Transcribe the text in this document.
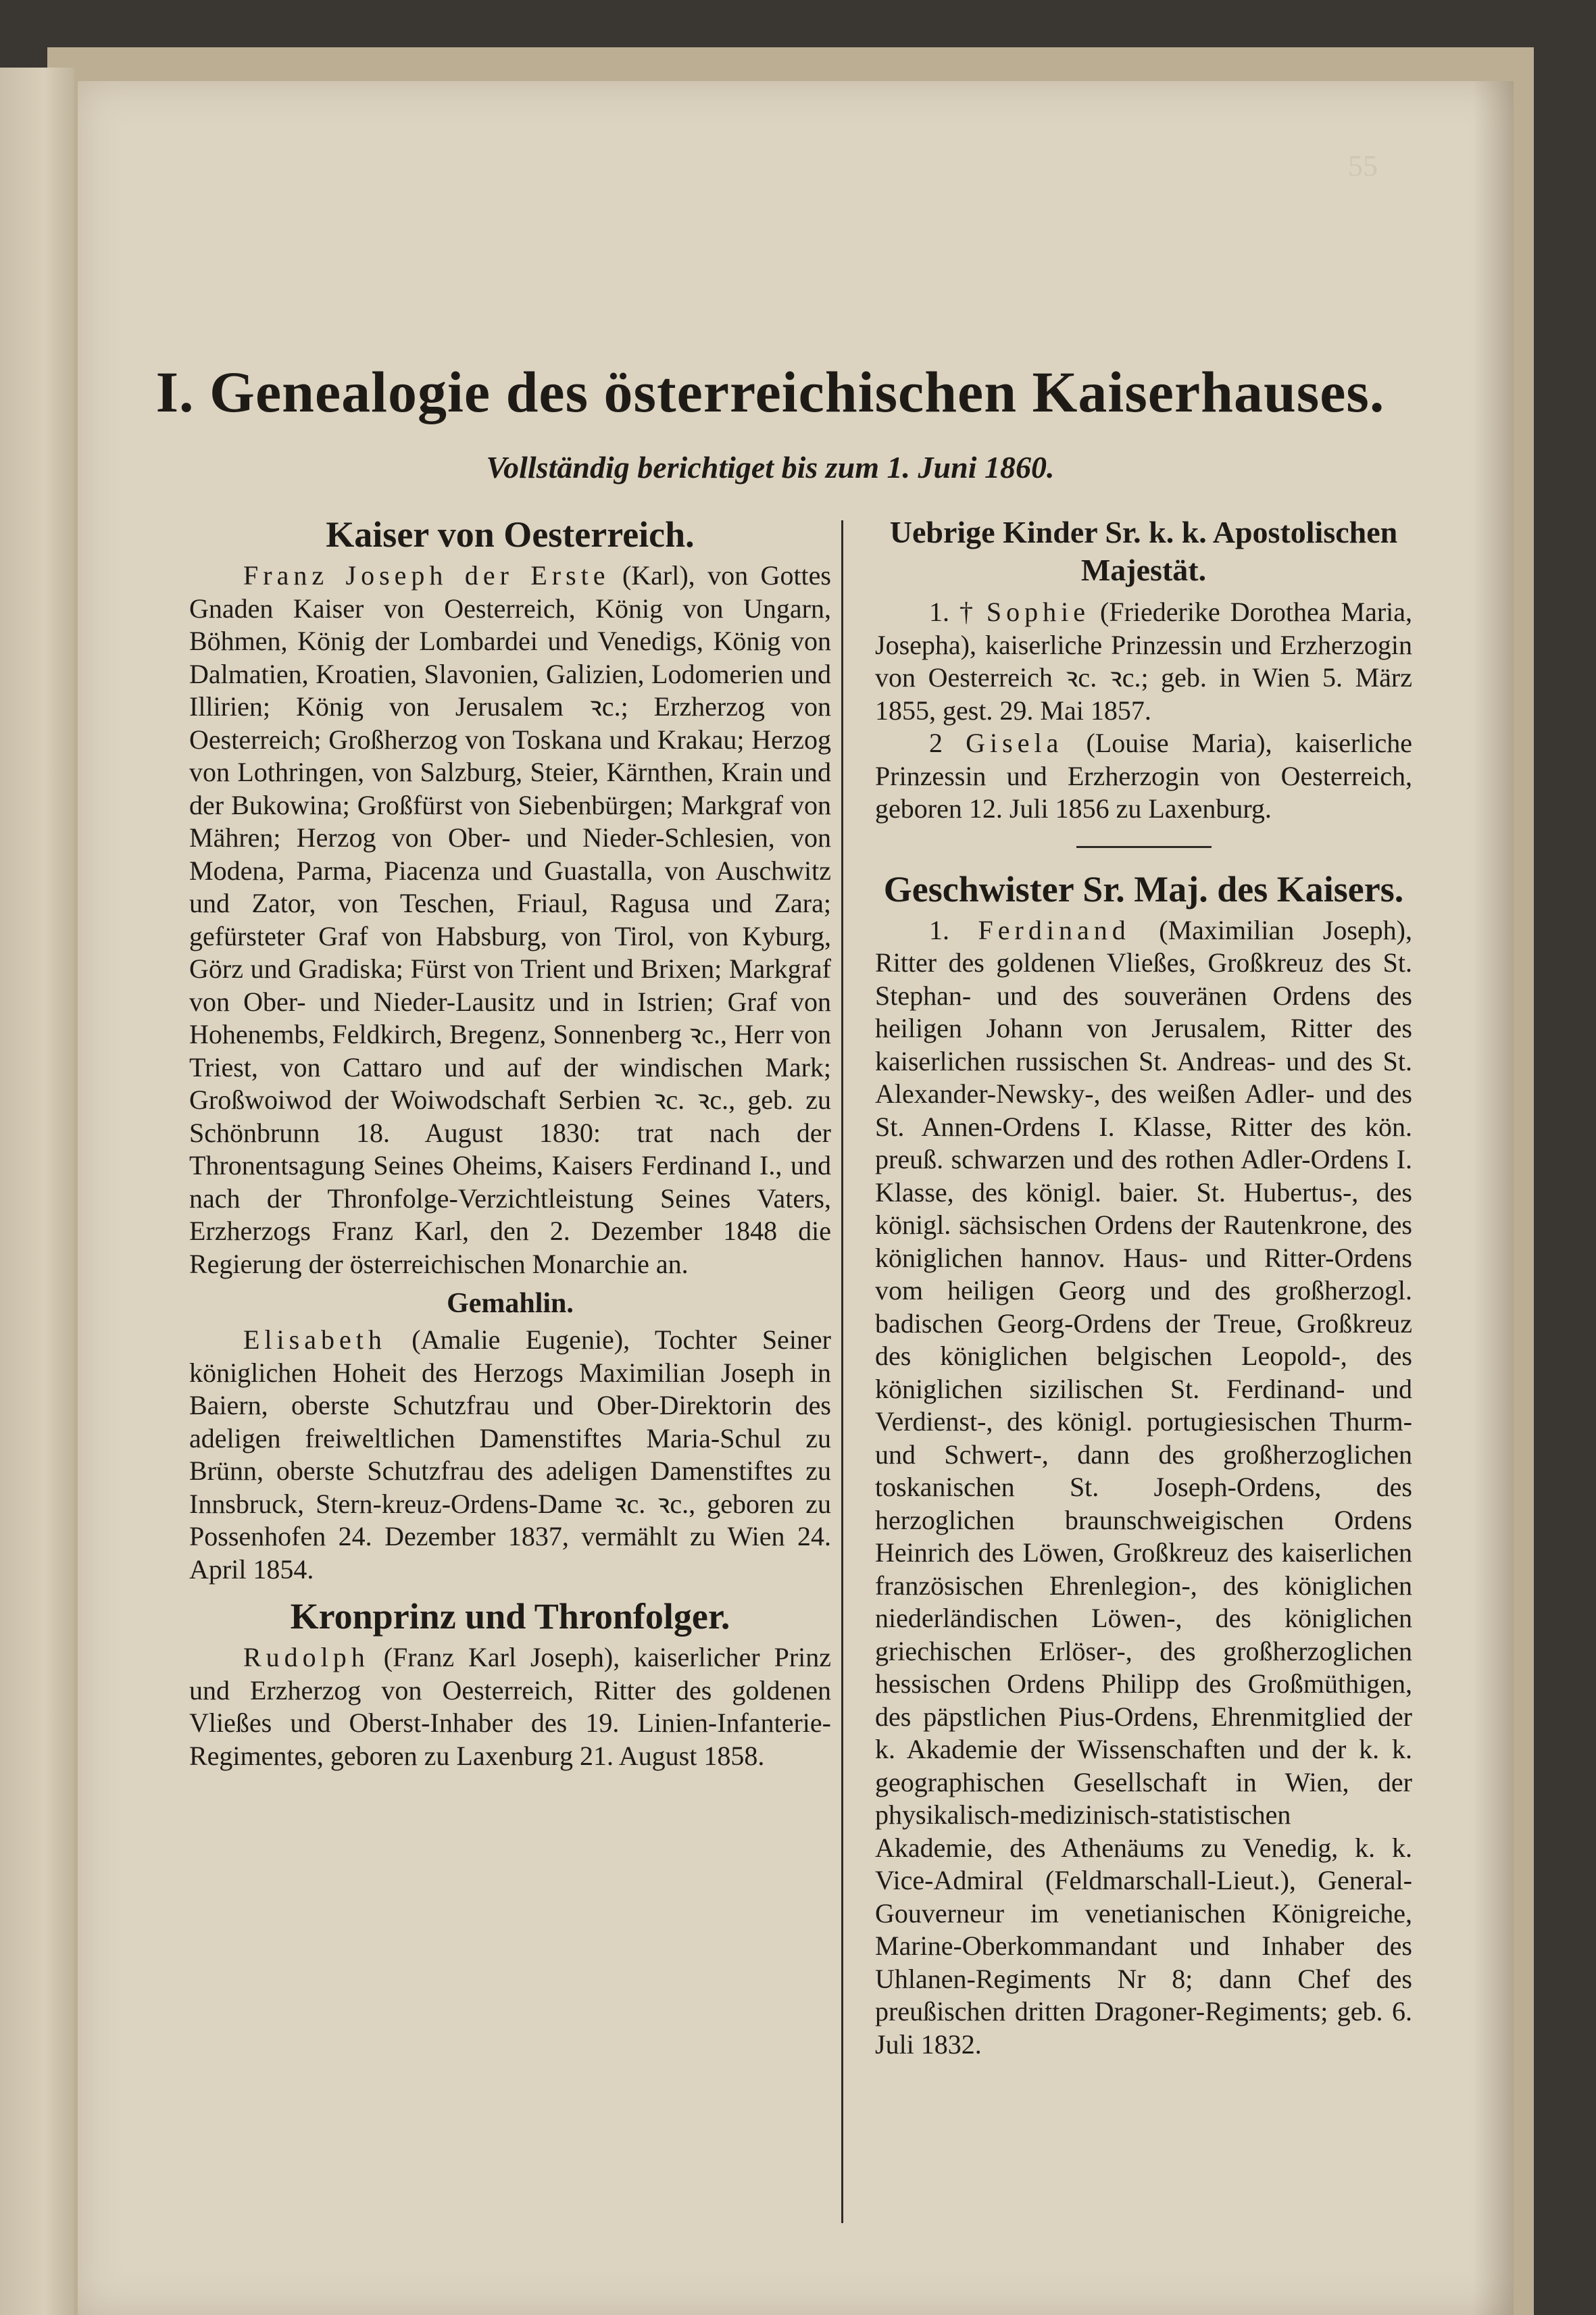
55
I. Genealogie des österreichischen Kaiserhauses.
Vollständig berichtiget bis zum 1. Juni 1860.
Kaiser von Oesterreich.

Franz Joseph der Erste (Karl), von Gottes Gnaden Kaiser von Oesterreich, König von Ungarn, Böhmen, König der Lombardei und Venedigs, König von Dalmatien, Kroatien, Slavonien, Galizien, Lodomerien und Illirien; König von Jerusalem ꝛc.; Erzherzog von Oesterreich; Großherzog von Toskana und Krakau; Herzog von Lothringen, von Salzburg, Steier, Kärnthen, Krain und der Bukowina; Großfürst von Siebenbürgen; Markgraf von Mähren; Herzog von Ober- und Nieder-Schlesien, von Modena, Parma, Piacenza und Guastalla, von Auschwitz und Zator, von Teschen, Friaul, Ragusa und Zara; gefürsteter Graf von Habsburg, von Tirol, von Kyburg, Görz und Gradiska; Fürst von Trient und Brixen; Markgraf von Ober- und Nieder-Lausitz und in Istrien; Graf von Hohenembs, Feldkirch, Bregenz, Sonnenberg ꝛc., Herr von Triest, von Cattaro und auf der windischen Mark; Großwoiwod der Woiwodschaft Serbien ꝛc. ꝛc., geb. zu Schönbrunn 18. August 1830: trat nach der Thronentsagung Seines Oheims, Kaisers Ferdinand I., und nach der Thronfolge-Verzichtleistung Seines Vaters, Erzherzogs Franz Karl, den 2. Dezember 1848 die Regierung der österreichischen Monarchie an.

Gemahlin.

Elisabeth (Amalie Eugenie), Tochter Seiner königlichen Hoheit des Herzogs Maximilian Joseph in Baiern, oberste Schutzfrau und Ober-Direktorin des adeligen freiweltlichen Damenstiftes Maria-Schul zu Brünn, oberste Schutzfrau des adeligen Damenstiftes zu Innsbruck, Stern-kreuz-Ordens-Dame ꝛc. ꝛc., geboren zu Possenhofen 24. Dezember 1837, vermählt zu Wien 24. April 1854.

Kronprinz und Thronfolger.

Rudolph (Franz Karl Joseph), kaiserlicher Prinz und Erzherzog von Oesterreich, Ritter des goldenen Vließes und Oberst-Inhaber des 19. Linien-Infanterie-Regimentes, geboren zu Laxenburg 21. August 1858.

Uebrige Kinder Sr. k. k. Apostolischen Majestät.

1. † Sophie (Friederike Dorothea Maria, Josepha), kaiserliche Prinzessin und Erzherzogin von Oesterreich ꝛc. ꝛc.; geb. in Wien 5. März 1855, gest. 29. Mai 1857.

2 Gisela (Louise Maria), kaiserliche Prinzessin und Erzherzogin von Oesterreich, geboren 12. Juli 1856 zu Laxenburg.

Geschwister Sr. Maj. des Kaisers.

1. Ferdinand (Maximilian Joseph), Ritter des goldenen Vließes, Großkreuz des St. Stephan- und des souveränen Ordens des heiligen Johann von Jerusalem, Ritter des kaiserlichen russischen St. Andreas- und des St. Alexander-Newsky-, des weißen Adler- und des St. Annen-Ordens I. Klasse, Ritter des kön. preuß. schwarzen und des rothen Adler-Ordens I. Klasse, des königl. baier. St. Hubertus-, des königl. sächsischen Ordens der Rautenkrone, des königlichen hannov. Haus- und Ritter-Ordens vom heiligen Georg und des großherzogl. badischen Georg-Ordens der Treue, Großkreuz des königlichen belgischen Leopold-, des königlichen sizilischen St. Ferdinand- und Verdienst-, des königl. portugiesischen Thurm- und Schwert-, dann des großherzoglichen toskanischen St. Joseph-Ordens, des herzoglichen braunschweigischen Ordens Heinrich des Löwen, Großkreuz des kaiserlichen französischen Ehrenlegion-, des königlichen niederländischen Löwen-, des königlichen griechischen Erlöser-, des großherzoglichen hessischen Ordens Philipp des Großmüthigen, des päpstlichen Pius-Ordens, Ehrenmitglied der k. Akademie der Wissenschaften und der k. k. geographischen Gesellschaft in Wien, der physikalisch-medizinisch-statistischen Akademie, des Athenäums zu Venedig, k. k. Vice-Admiral (Feldmarschall-Lieut.), General-Gouverneur im venetianischen Königreiche, Marine-Oberkommandant und Inhaber des Uhlanen-Regiments Nr 8; dann Chef des preußischen dritten Dragoner-Regiments; geb. 6. Juli 1832.
